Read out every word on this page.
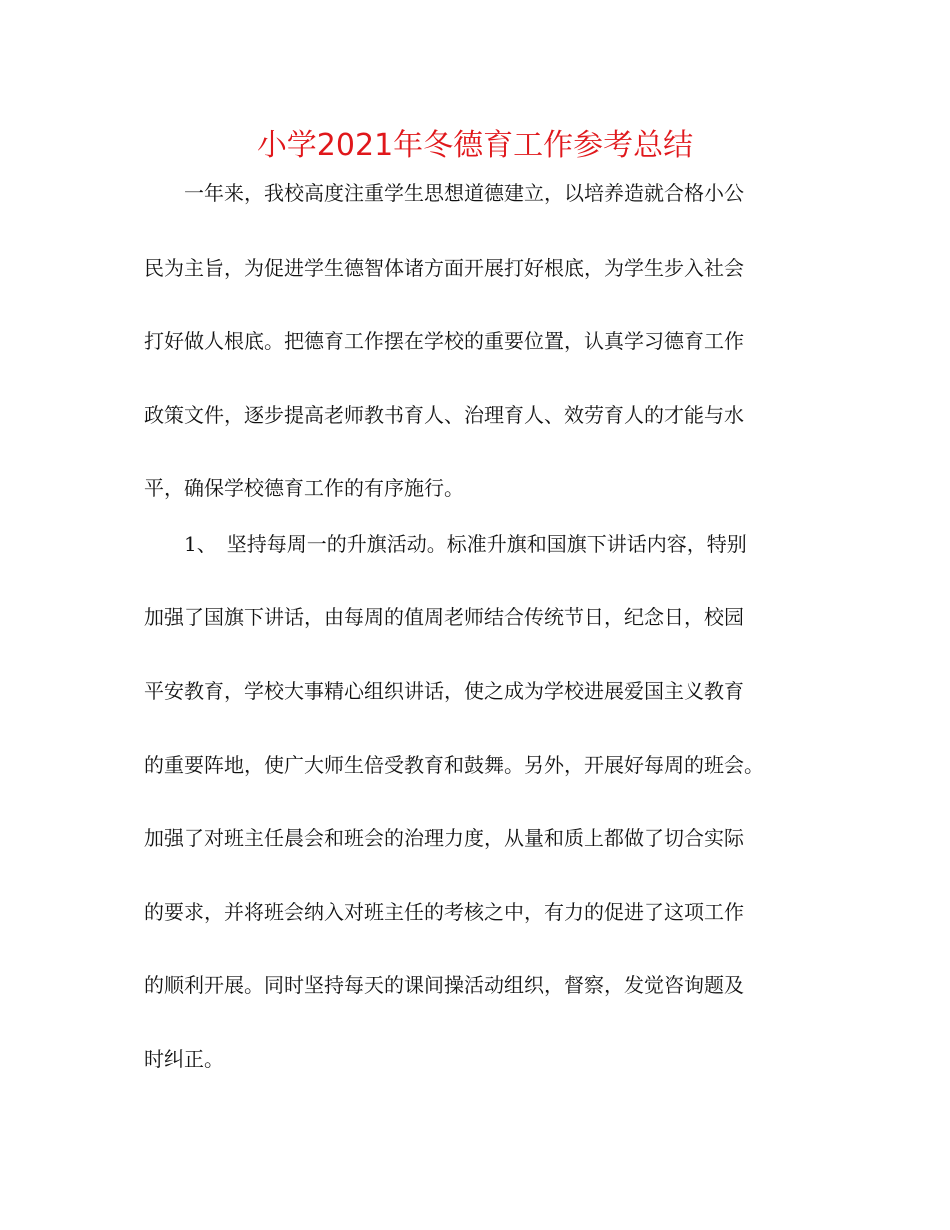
小学2021年冬德育工作参考总结
　　一年来，我校高度注重学生思想道德建立，以培养造就合格小公
民为主旨，为促进学生德智体诸方面开展打好根底，为学生步入社会
打好做人根底。把德育工作摆在学校的重要位置，认真学习德育工作
政策文件，逐步提高老师教书育人、治理育人、效劳育人的才能与水
平，确保学校德育工作的有序施行。
　　1、　坚持每周一的升旗活动。标准升旗和国旗下讲话内容，特别
加强了国旗下讲话，由每周的值周老师结合传统节日，纪念日，校园
平安教育，学校大事精心组织讲话，使之成为学校进展爱国主义教育
的重要阵地，使广大师生倍受教育和鼓舞。另外，开展好每周的班会。
加强了对班主任晨会和班会的治理力度，从量和质上都做了切合实际
的要求，并将班会纳入对班主任的考核之中，有力的促进了这项工作
的顺利开展。同时坚持每天的课间操活动组织，督察，发觉咨询题及
时纠正。
